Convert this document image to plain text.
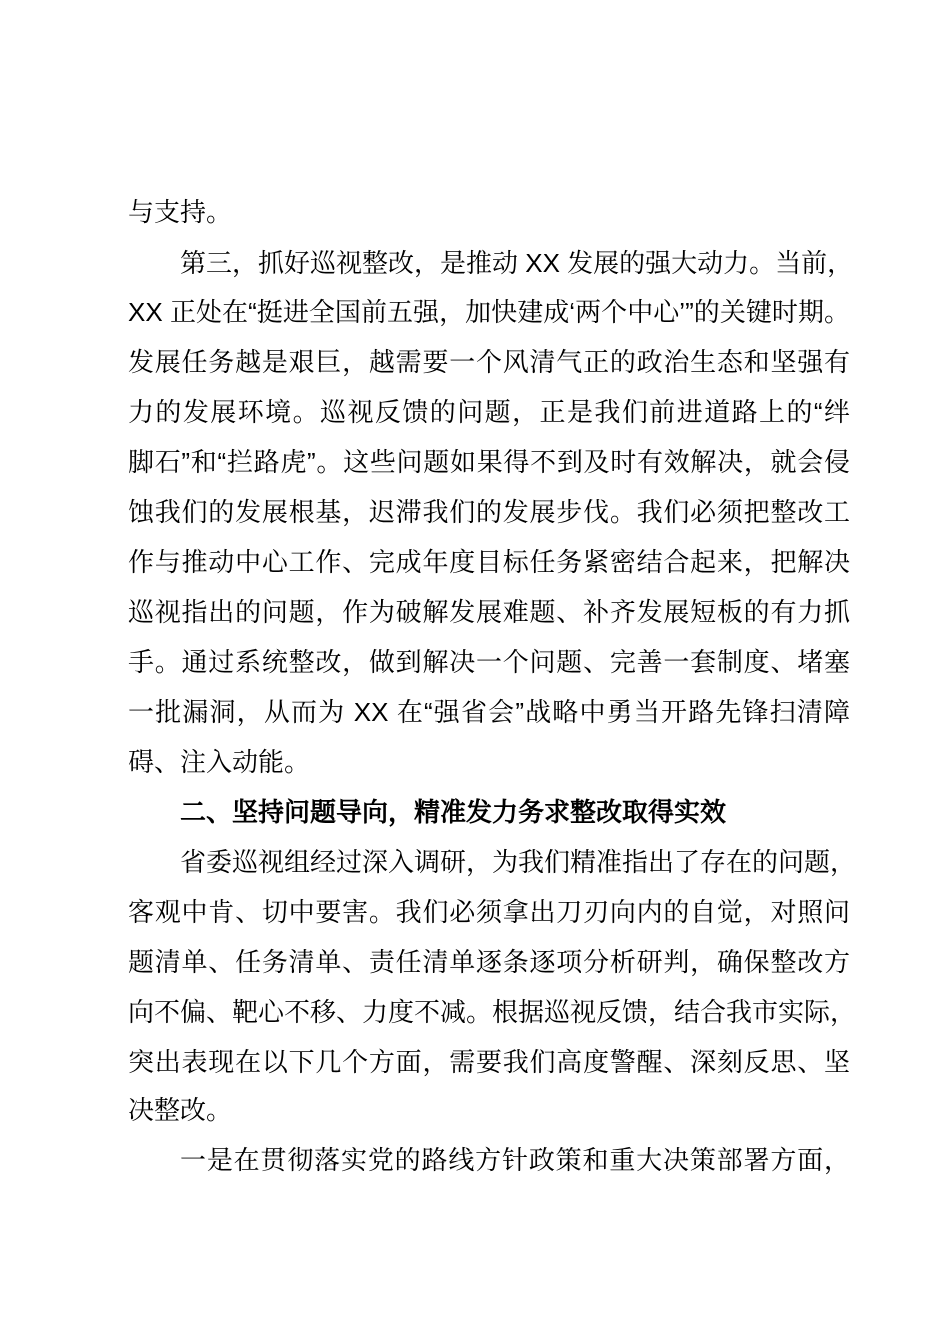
与支持。
第三，抓好巡视整改，是推动 XX 发展的强大动力。当前，
XX 正处在“挺进全国前五强，加快建成‘两个中心’”的关键时期。
发展任务越是艰巨，越需要一个风清气正的政治生态和坚强有
力的发展环境。巡视反馈的问题，正是我们前进道路上的“绊
脚石”和“拦路虎”。这些问题如果得不到及时有效解决，就会侵
蚀我们的发展根基，迟滞我们的发展步伐。我们必须把整改工
作与推动中心工作、完成年度目标任务紧密结合起来，把解决
巡视指出的问题，作为破解发展难题、补齐发展短板的有力抓
手。通过系统整改，做到解决一个问题、完善一套制度、堵塞
一批漏洞，从而为 XX 在“强省会”战略中勇当开路先锋扫清障
碍、注入动能。
二、坚持问题导向，精准发力务求整改取得实效
省委巡视组经过深入调研，为我们精准指出了存在的问题，
客观中肯、切中要害。我们必须拿出刀刃向内的自觉，对照问
题清单、任务清单、责任清单逐条逐项分析研判，确保整改方
向不偏、靶心不移、力度不减。根据巡视反馈，结合我市实际，
突出表现在以下几个方面，需要我们高度警醒、深刻反思、坚
决整改。
一是在贯彻落实党的路线方针政策和重大决策部署方面，
